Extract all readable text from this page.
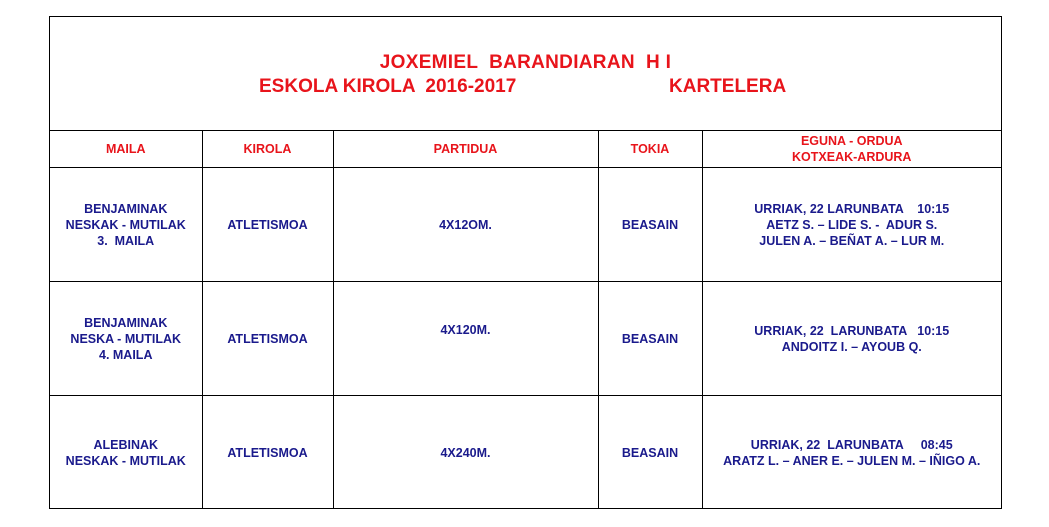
JOXEMIEL  BARANDIARAN  H I
ESKOLA KIROLA  2016-2017	KARTELERA
MAILA	KIROLA	PARTIDUA	TOKIA	EGUNA - ORDUA
KOTXEAK-ARDURA

BENJAMINAK
NESKAK - MUTILAK
3.  MAILA	ATLETISMOA	4X12OM.	BEASAIN	URRIAK, 22 LARUNBATA    10:15
AETZ S. – LIDE S. -  ADUR S.
JULEN A. – BEÑAT A. – LUR M.

BENJAMINAK
NESKA - MUTILAK
4. MAILA	ATLETISMOA	4X120M.	BEASAIN	URRIAK, 22  LARUNBATA   10:15
ANDOITZ I. – AYOUB Q.

ALEBINAK
NESKAK - MUTILAK	ATLETISMOA	4X240M.	BEASAIN	URRIAK, 22  LARUNBATA     08:45
ARATZ L. – ANER E. – JULEN M. – IÑIGO A.
